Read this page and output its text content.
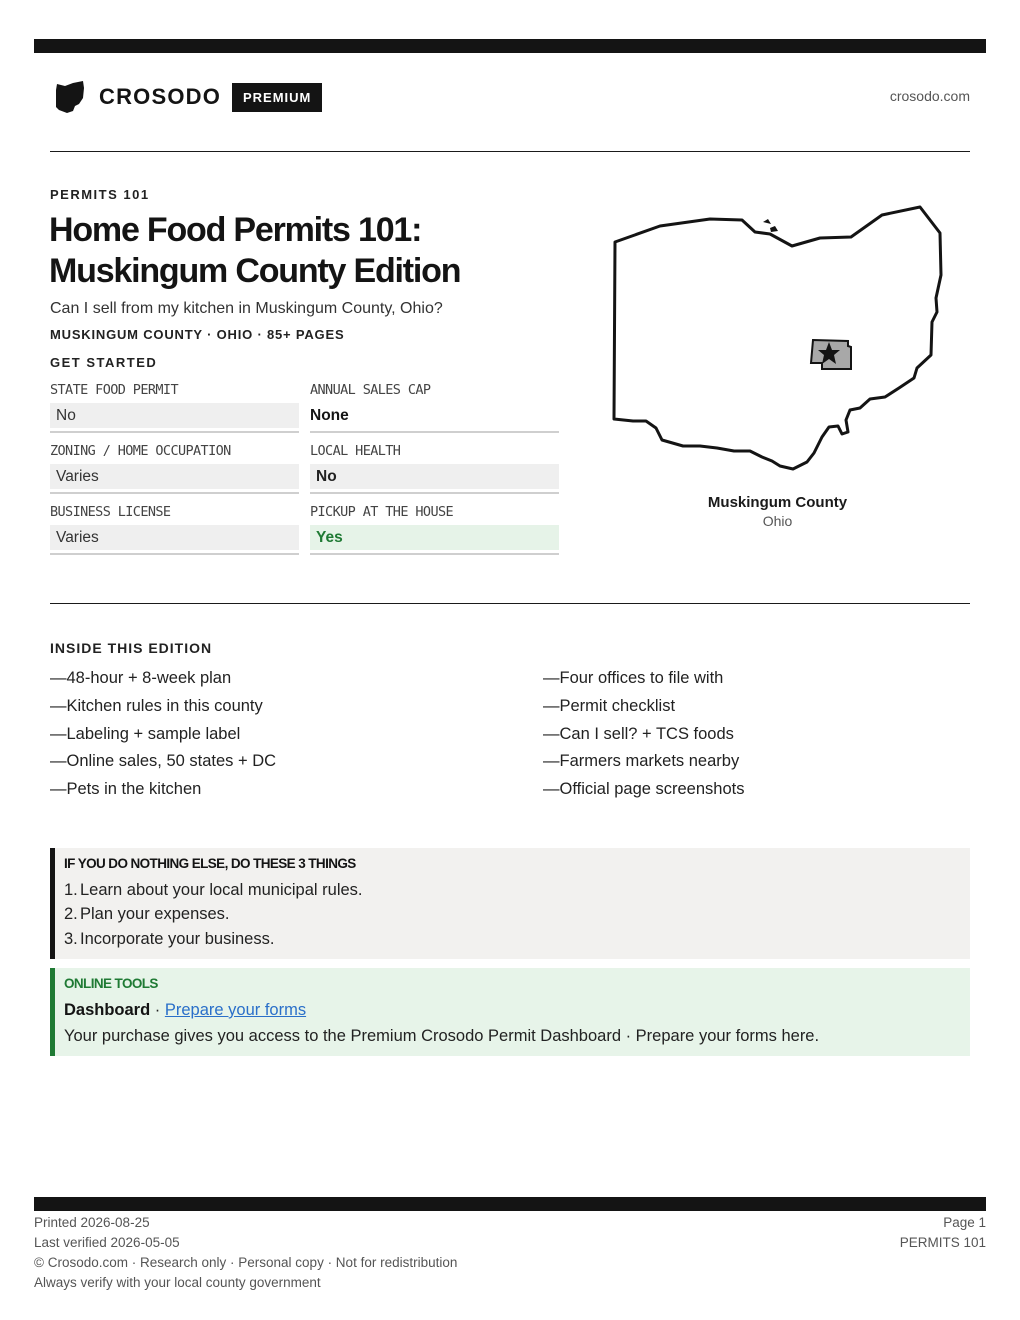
CROSODO	PREMIUM	crosodo.com
PERMITS 101
Home Food Permits 101:
Muskingum County Edition
Can I sell from my kitchen in Muskingum County, Ohio?
MUSKINGUM COUNTY · OHIO · 85+ PAGES
GET STARTED
STATE FOOD PERMIT
No
ANNUAL SALES CAP
None
ZONING / HOME OCCUPATION
Varies
LOCAL HEALTH
No
BUSINESS LICENSE
Varies
PICKUP AT THE HOUSE
Yes
Muskingum County
Ohio
INSIDE THIS EDITION
—48-hour + 8-week plan
—Kitchen rules in this county
—Labeling + sample label
—Online sales, 50 states + DC
—Pets in the kitchen
—Four offices to file with
—Permit checklist
—Can I sell? + TCS foods
—Farmers markets nearby
—Official page screenshots
IF YOU DO NOTHING ELSE, DO THESE 3 THINGS
1. Learn about your local municipal rules.
2. Plan your expenses.
3. Incorporate your business.
ONLINE TOOLS
Dashboard · Prepare your forms
Your purchase gives you access to the Premium Crosodo Permit Dashboard · Prepare your forms here.
Printed 2026-08-25
Last verified 2026-05-05
© Crosodo.com · Research only · Personal copy · Not for redistribution
Always verify with your local county government
Page 1
PERMITS 101
